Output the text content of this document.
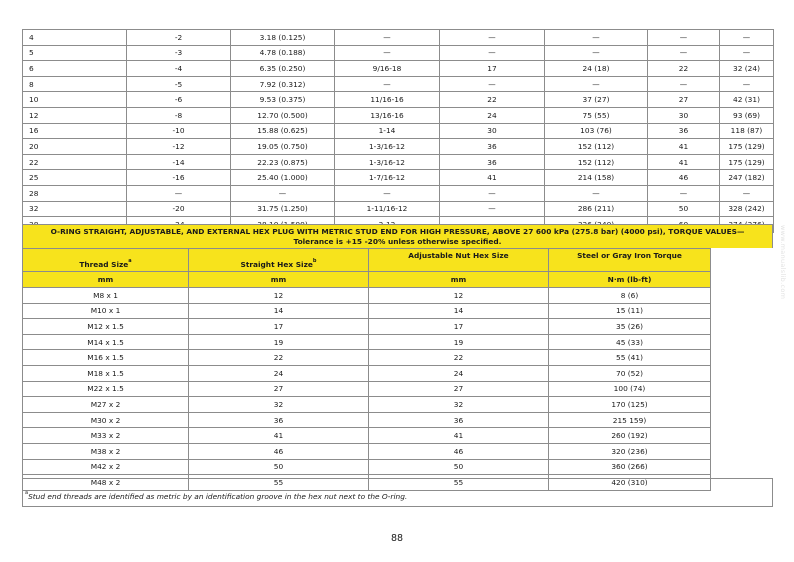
4	-2	3.18 (0.125)	—	—	—	—	—
5	-3	4.78 (0.188)	—	—	—	—	—
6	-4	6.35 (0.250)	9/16-18	17	24 (18)	22	32 (24)
8	-5	7.92 (0.312)	—	—	—	—	—
10	-6	9.53 (0.375)	11/16-16	22	37 (27)	27	42 (31)
12	-8	12.70 (0.500)	13/16-16	24	75 (55)	30	93 (69)
16	-10	15.88 (0.625)	1-14	30	103 (76)	36	118 (87)
20	-12	19.05 (0.750)	1-3/16-12	36	152 (112)	41	175 (129)
22	-14	22.23 (0.875)	1-3/16-12	36	152 (112)	41	175 (129)
25	-16	25.40 (1.000)	1-7/16-12	41	214 (158)	46	247 (182)
28	—	—	—	—	—	—	—
32	-20	31.75 (1.250)	1-11/16-12	—	286 (211)	50	328 (242)

O-RING STRAIGHT, ADJUSTABLE, AND EXTERNAL HEX PLUG WITH METRIC STUD END FOR HIGH PRESSURE, ABOVE 27 600 kPa (275.8 bar) (4000 psi), TORQUE VALUES—Tolerance is +15 -20% unless otherwise specified.
Thread Size$^a$	Straight Hex Size$^b$	Adjustable Nut Hex Size	Steel or Gray Iron Torque
mm	mm	mm	N·m (lb-ft)
M8 x 1	12	12	8 (6)
M10 x 1	14	14	15 (11)
M12 x 1.5	17	17	35 (26)
M14 x 1.5	19	19	45 (33)
M16 x 1.5	22	22	55 (41)
M18 x 1.5	24	24	70 (52)
M22 x 1.5	27	27	100 (74)
M27 x 2	32	32	170 (125)
M30 x 2	36	36	215 159)
M33 x 2	41	41	260 (192)
M38 x 2	46	46	320 (236)
M42 x 2	50	50	360 (266)
M48 x 2	55	55	420 (310)
$^a$Stud end threads are identified as metric by an identification groove in the hex nut next to the O-ring.
88
www.manualslib.com
